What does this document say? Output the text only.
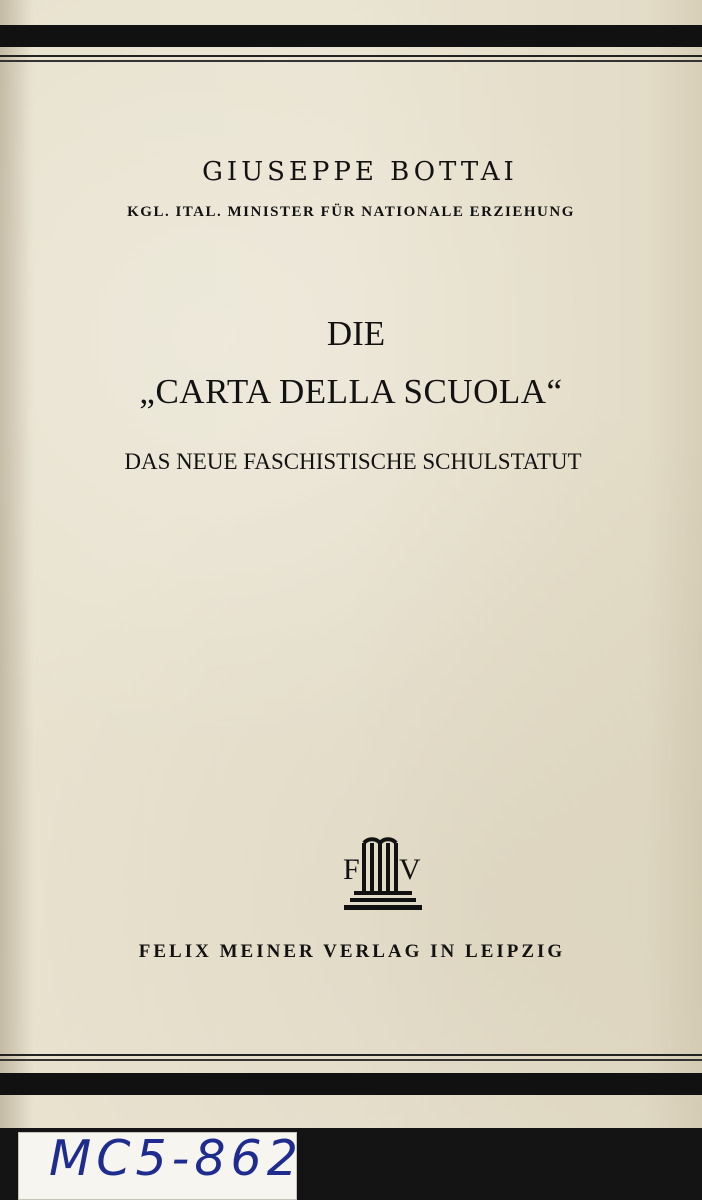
GIUSEPPE BOTTAI
KGL. ITAL. MINISTER FÜR NATIONALE ERZIEHUNG
DIE
„CARTA DELLA SCUOLA“
DAS NEUE FASCHISTISCHE SCHULSTATUT
F V
FELIX MEINER VERLAG IN LEIPZIG
MC5-862
